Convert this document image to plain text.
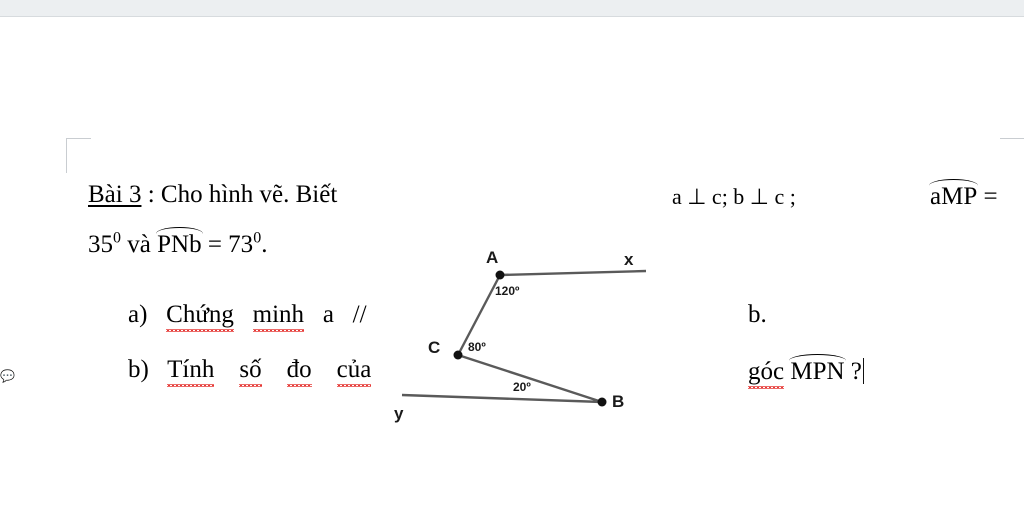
💬
Bài 3 : Cho hình vẽ. Biết	a ⊥ c; b ⊥ c ;	aMP =
$35^0$ và PNb = $73^0$.
a) Chứng minh a //	b.
b) Tính số đo của	góc MPN ?
A	x
C
B
y
120º
80º
20º
